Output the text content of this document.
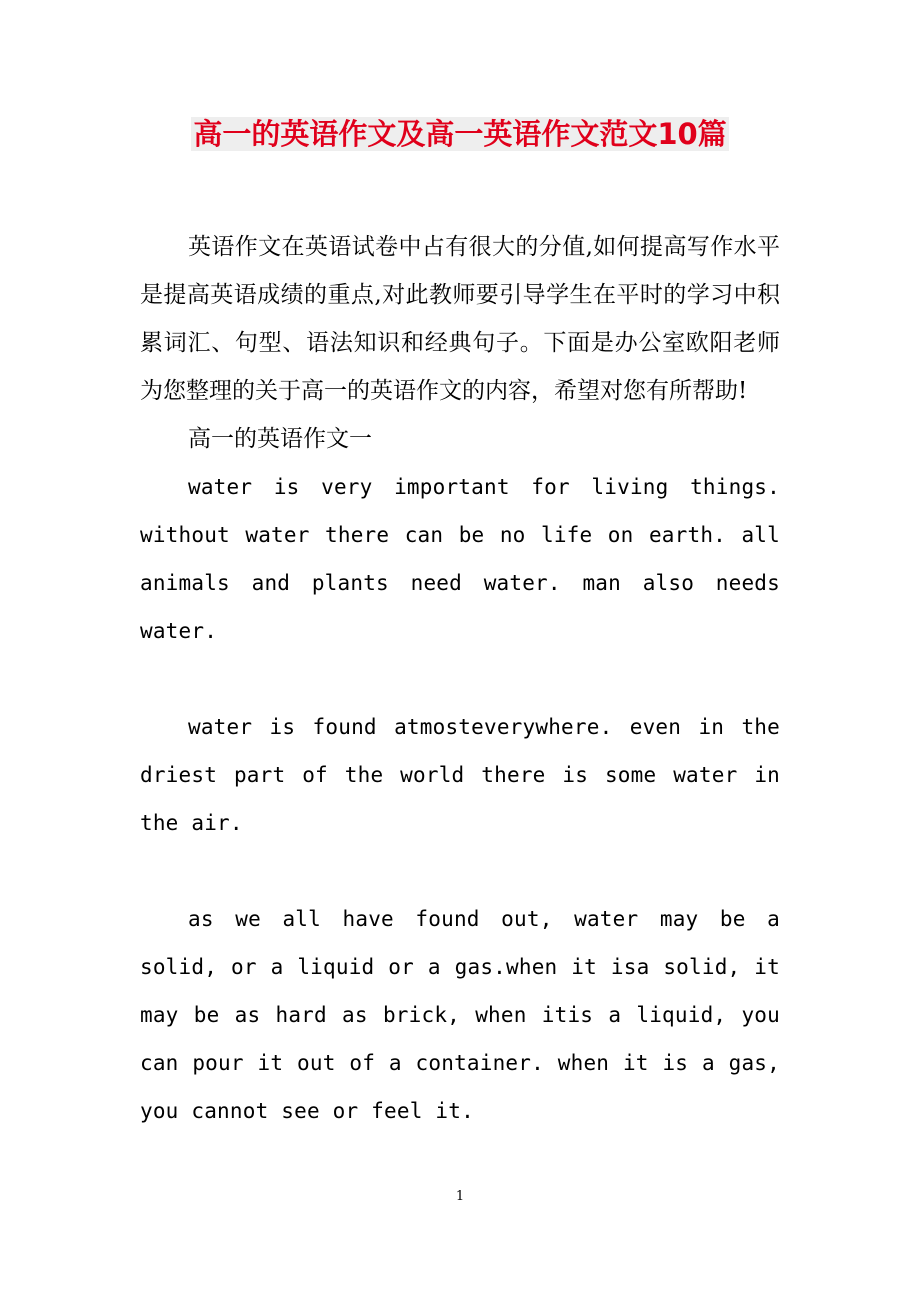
高一的英语作文及高一英语作文范文10篇

英语作文在英语试卷中占有很大的分值,如何提高写作水平是提高英语成绩的重点,对此教师要引导学生在平时的学习中积累词汇、句型、语法知识和经典句子。下面是办公室欧阳老师为您整理的关于高一的英语作文的内容，希望对您有所帮助!

高一的英语作文一

water is very important for living things. without water there can be no life on earth. all animals and plants need water. man also needs water.

water is found atmosteverywhere. even in the driest part of the world there is some water in the air.

as we all have found out, water may be a solid, or a liquid or a gas.when it isa solid, it may be as hard as brick, when itis a liquid, you can pour it out of a container. when it is a gas, you cannot see or feel it.

1
